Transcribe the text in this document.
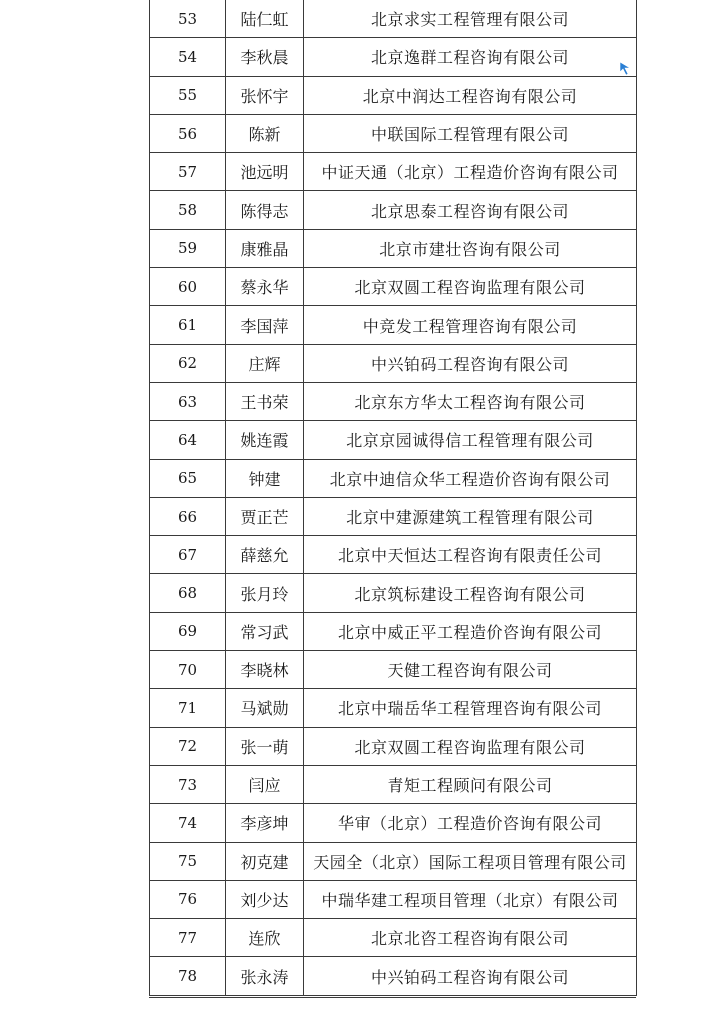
53	陆仁虹	北京求实工程管理有限公司
54	李秋晨	北京逸群工程咨询有限公司
55	张怀宇	北京中润达工程咨询有限公司
56	陈新	中联国际工程管理有限公司
57	池远明	中证天通（北京）工程造价咨询有限公司
58	陈得志	北京思泰工程咨询有限公司
59	康雅晶	北京市建壮咨询有限公司
60	蔡永华	北京双圆工程咨询监理有限公司
61	李国萍	中竞发工程管理咨询有限公司
62	庄辉	中兴铂码工程咨询有限公司
63	王书荣	北京东方华太工程咨询有限公司
64	姚连霞	北京京园诚得信工程管理有限公司
65	钟建	北京中迪信众华工程造价咨询有限公司
66	贾正芒	北京中建源建筑工程管理有限公司
67	薛慈允	北京中天恒达工程咨询有限责任公司
68	张月玲	北京筑标建设工程咨询有限公司
69	常习武	北京中威正平工程造价咨询有限公司
70	李晓林	天健工程咨询有限公司
71	马斌勋	北京中瑞岳华工程管理咨询有限公司
72	张一萌	北京双圆工程咨询监理有限公司
73	闫应	青矩工程顾问有限公司
74	李彦坤	华审（北京）工程造价咨询有限公司
75	初克建	天园全（北京）国际工程项目管理有限公司
76	刘少达	中瑞华建工程项目管理（北京）有限公司
77	连欣	北京北咨工程咨询有限公司
78	张永涛	中兴铂码工程咨询有限公司
